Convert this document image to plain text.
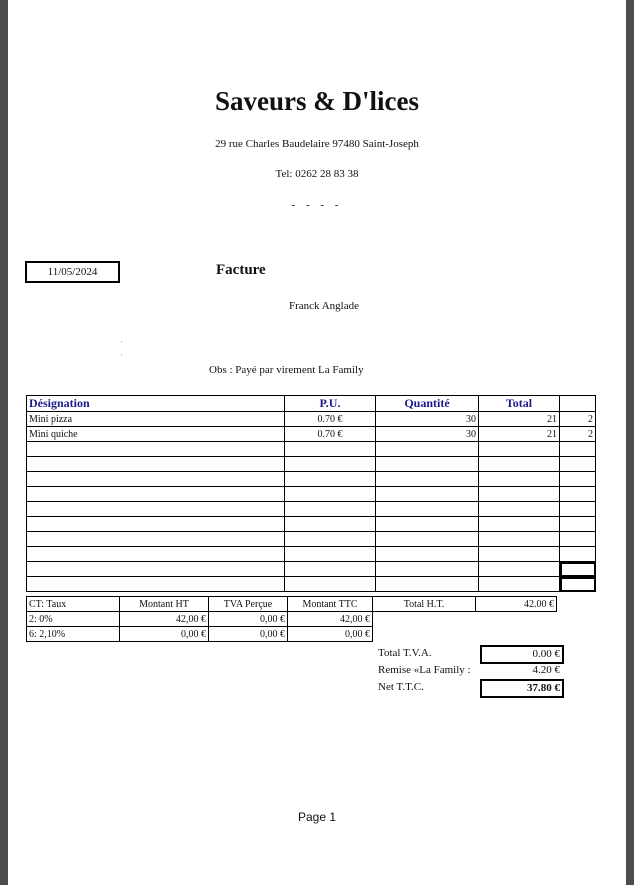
Saveurs & D'lices
29 rue Charles Baudelaire 97480 Saint-Joseph
Tel: 0262 28 83 38
- - - -
11/05/2024	Facture
Franck Anglade
·
·
Obs : Payé par virement La Family
Désignation	P.U.	Quantité	Total	
Mini pizza	0.70 €	30	21	2
Mini quiche	0.70 €	30	21	2

CT: Taux	Montant HT	TVA Perçue	Montant TTC	Total H.T.	42.00 €
2: 0%	42,00 €	0,00 €	42,00 €		
6: 2,10%	0,00 €	0,00 €	0,00 €		
Total T.V.A.	0.00 €
Remise «La Family :	4.20 €
Net T.T.C.	37.80 €
Page 1
